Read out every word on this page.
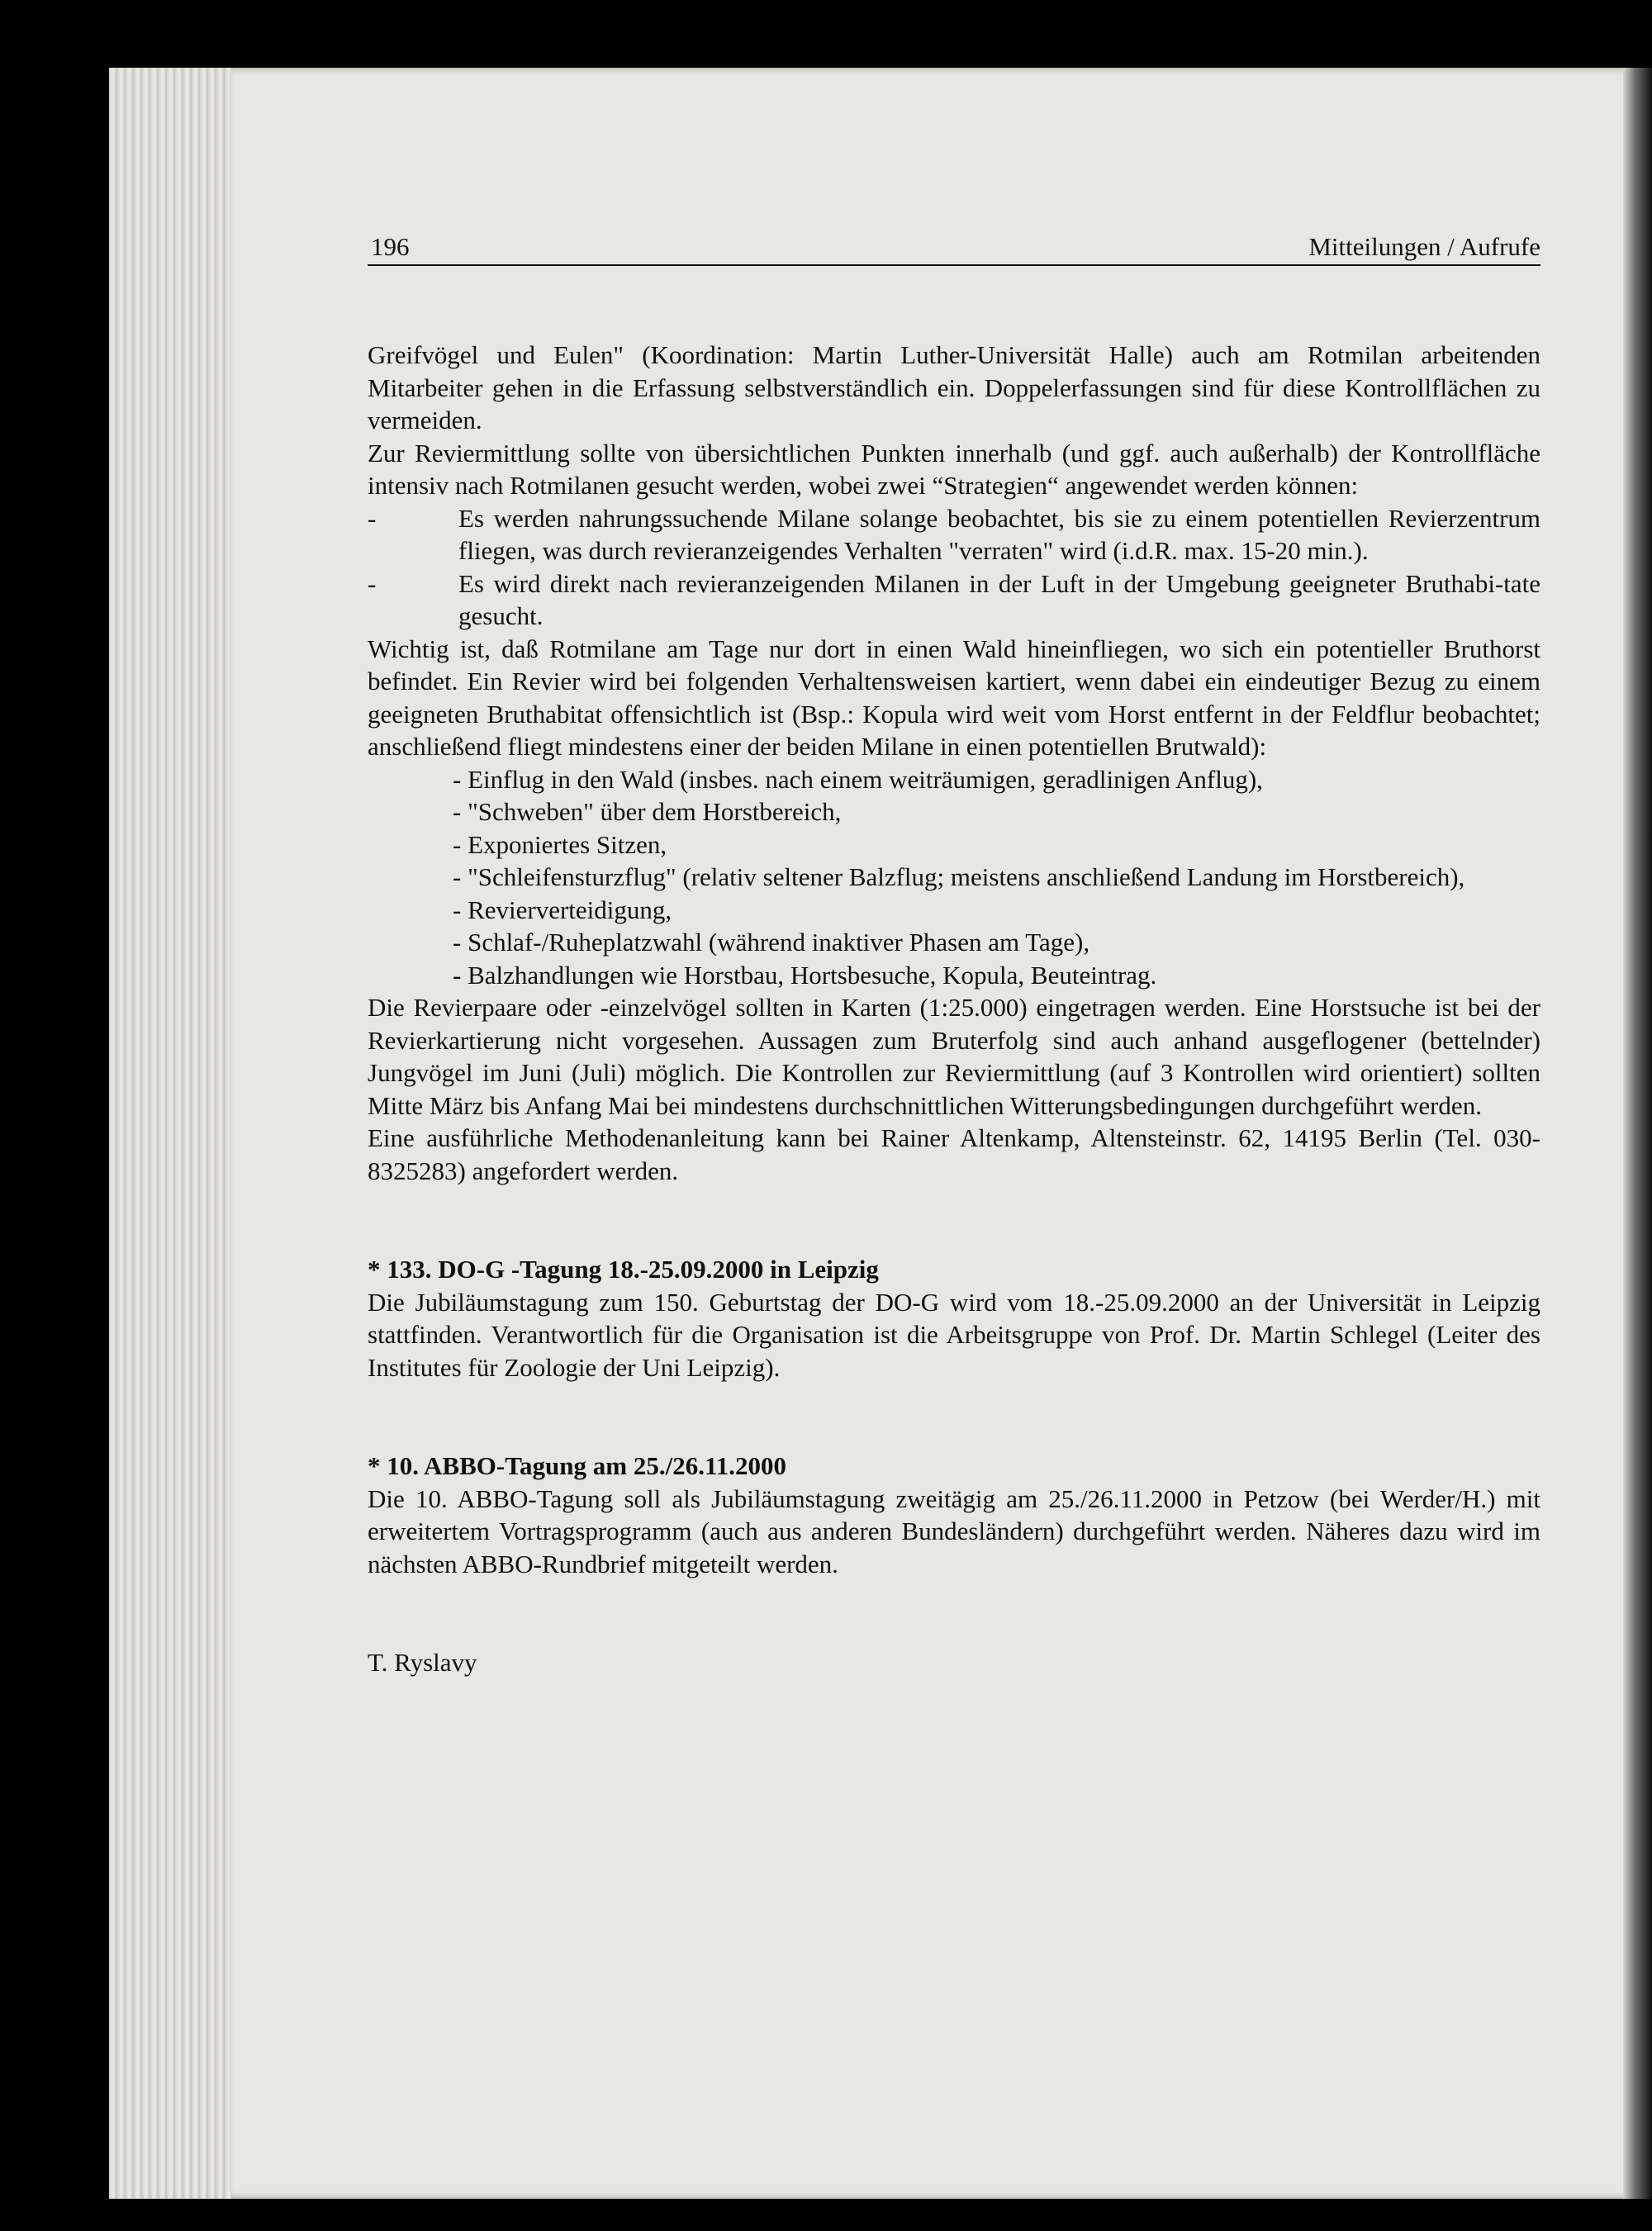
196	Mitteilungen / Aufrufe

Greifvögel und Eulen" (Koordination: Martin Luther-Universität Halle) auch am Rotmilan arbeitenden Mitarbeiter gehen in die Erfassung selbstverständlich ein. Doppelerfassungen sind für diese Kontrollflächen zu vermeiden.

Zur Reviermittlung sollte von übersichtlichen Punkten innerhalb (und ggf. auch außerhalb) der Kontrollfläche intensiv nach Rotmilanen gesucht werden, wobei zwei “Strategien“ angewendet werden können:

-	Es werden nahrungssuchende Milane solange beobachtet, bis sie zu einem potentiellen Revierzentrum fliegen, was durch revieranzeigendes Verhalten "verraten" wird (i.d.R. max. 15-20 min.).
-	Es wird direkt nach revieranzeigenden Milanen in der Luft in der Umgebung geeigneter Bruthabi-tate gesucht.

Wichtig ist, daß Rotmilane am Tage nur dort in einen Wald hineinfliegen, wo sich ein potentieller Bruthorst befindet. Ein Revier wird bei folgenden Verhaltensweisen kartiert, wenn dabei ein eindeutiger Bezug zu einem geeigneten Bruthabitat offensichtlich ist (Bsp.: Kopula wird weit vom Horst entfernt in der Feldflur beobachtet; anschließend fliegt mindestens einer der beiden Milane in einen potentiellen Brutwald):

- Einflug in den Wald (insbes. nach einem weiträumigen, geradlinigen Anflug),
- "Schweben" über dem Horstbereich,
- Exponiertes Sitzen,
- "Schleifensturzflug" (relativ seltener Balzflug; meistens anschließend Landung im Horstbereich),
- Revierverteidigung,
- Schlaf-/Ruheplatzwahl (während inaktiver Phasen am Tage),
- Balzhandlungen wie Horstbau, Hortsbesuche, Kopula, Beuteintrag.

Die Revierpaare oder -einzelvögel sollten in Karten (1:25.000) eingetragen werden. Eine Horstsuche ist bei der Revierkartierung nicht vorgesehen. Aussagen zum Bruterfolg sind auch anhand ausgeflogener (bettelnder) Jungvögel im Juni (Juli) möglich. Die Kontrollen zur Reviermittlung (auf 3 Kontrollen wird orientiert) sollten Mitte März bis Anfang Mai bei mindestens durchschnittlichen Witterungsbedingungen durchgeführt werden.

Eine ausführliche Methodenanleitung kann bei Rainer Altenkamp, Altensteinstr. 62, 14195 Berlin (Tel. 030-8325283) angefordert werden.

* 133. DO-G -Tagung 18.-25.09.2000 in Leipzig

Die Jubiläumstagung zum 150. Geburtstag der DO-G wird vom 18.-25.09.2000 an der Universität in Leipzig stattfinden. Verantwortlich für die Organisation ist die Arbeitsgruppe von Prof. Dr. Martin Schlegel (Leiter des Institutes für Zoologie der Uni Leipzig).

* 10. ABBO-Tagung am 25./26.11.2000

Die 10. ABBO-Tagung soll als Jubiläumstagung zweitägig am 25./26.11.2000 in Petzow (bei Werder/H.) mit erweitertem Vortragsprogramm (auch aus anderen Bundesländern) durchgeführt werden. Näheres dazu wird im nächsten ABBO-Rundbrief mitgeteilt werden.

T. Ryslavy
